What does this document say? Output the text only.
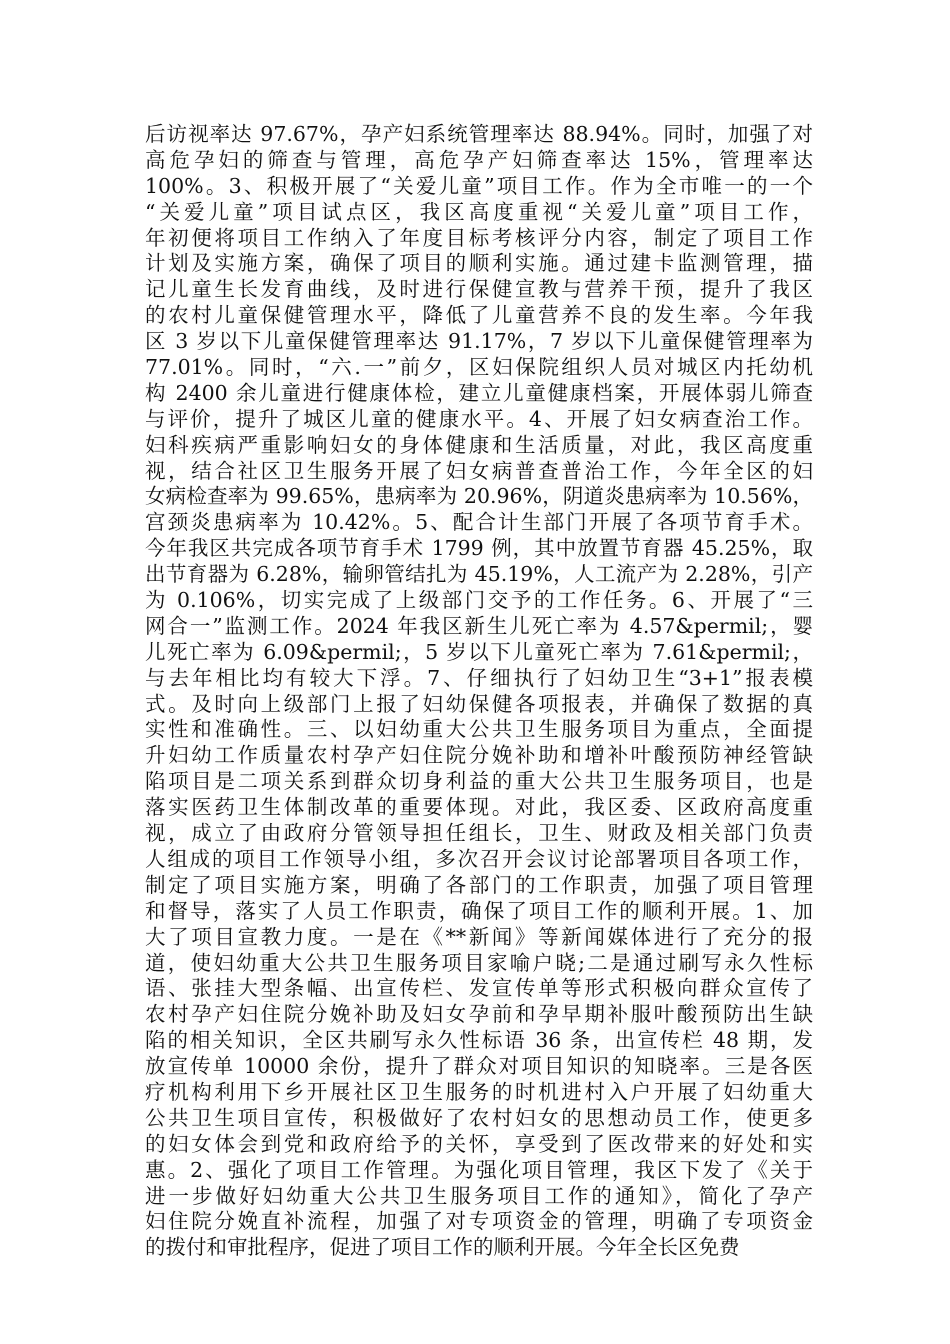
后访视率达 97.67%，孕产妇系统管理率达 88.94%。同时，加强了对
高危孕妇的筛查与管理，高危孕产妇筛查率达 15%，管理率达
100%。3、积极开展了“关爱儿童”项目工作。作为全市唯一的一个
“关爱儿童”项目试点区，我区高度重视“关爱儿童”项目工作，
年初便将项目工作纳入了年度目标考核评分内容，制定了项目工作
计划及实施方案，确保了项目的顺利实施。通过建卡监测管理，描
记儿童生长发育曲线，及时进行保健宣教与营养干预，提升了我区
的农村儿童保健管理水平，降低了儿童营养不良的发生率。今年我
区 3 岁以下儿童保健管理率达 91.17%，7 岁以下儿童保健管理率为
77.01%。同时，“六.一”前夕，区妇保院组织人员对城区内托幼机
构 2400 余儿童进行健康体检，建立儿童健康档案，开展体弱儿筛查
与评价，提升了城区儿童的健康水平。4、开展了妇女病查治工作。
妇科疾病严重影响妇女的身体健康和生活质量，对此，我区高度重
视，结合社区卫生服务开展了妇女病普查普治工作，今年全区的妇
女病检查率为 99.65%，患病率为 20.96%，阴道炎患病率为 10.56%，
宫颈炎患病率为 10.42%。5、配合计生部门开展了各项节育手术。
今年我区共完成各项节育手术 1799 例，其中放置节育器 45.25%，取
出节育器为 6.28%，输卵管结扎为 45.19%，人工流产为 2.28%，引产
为 0.106%，切实完成了上级部门交予的工作任务。6、开展了“三
网合一”监测工作。2024 年我区新生儿死亡率为 4.57&permil;，婴
儿死亡率为 6.09&permil;，5 岁以下儿童死亡率为 7.61&permil;，
与去年相比均有较大下浮。7、仔细执行了妇幼卫生“3+1”报表模
式。及时向上级部门上报了妇幼保健各项报表，并确保了数据的真
实性和准确性。三、以妇幼重大公共卫生服务项目为重点，全面提
升妇幼工作质量农村孕产妇住院分娩补助和增补叶酸预防神经管缺
陷项目是二项关系到群众切身利益的重大公共卫生服务项目，也是
落实医药卫生体制改革的重要体现。对此，我区委、区政府高度重
视，成立了由政府分管领导担任组长，卫生、财政及相关部门负责
人组成的项目工作领导小组，多次召开会议讨论部署项目各项工作，
制定了项目实施方案，明确了各部门的工作职责，加强了项目管理
和督导，落实了人员工作职责，确保了项目工作的顺利开展。1、加
大了项目宣教力度。一是在《**新闻》等新闻媒体进行了充分的报
道，使妇幼重大公共卫生服务项目家喻户晓;二是通过刷写永久性标
语、张挂大型条幅、出宣传栏、发宣传单等形式积极向群众宣传了
农村孕产妇住院分娩补助及妇女孕前和孕早期补服叶酸预防出生缺
陷的相关知识，全区共刷写永久性标语 36 条，出宣传栏 48 期，发
放宣传单 10000 余份，提升了群众对项目知识的知晓率。三是各医
疗机构利用下乡开展社区卫生服务的时机进村入户开展了妇幼重大
公共卫生项目宣传，积极做好了农村妇女的思想动员工作，使更多
的妇女体会到党和政府给予的关怀，享受到了医改带来的好处和实
惠。2、强化了项目工作管理。为强化项目管理，我区下发了《关于
进一步做好妇幼重大公共卫生服务项目工作的通知》，简化了孕产
妇住院分娩直补流程，加强了对专项资金的管理，明确了专项资金
的拨付和审批程序，促进了项目工作的顺利开展。今年全长区免费
